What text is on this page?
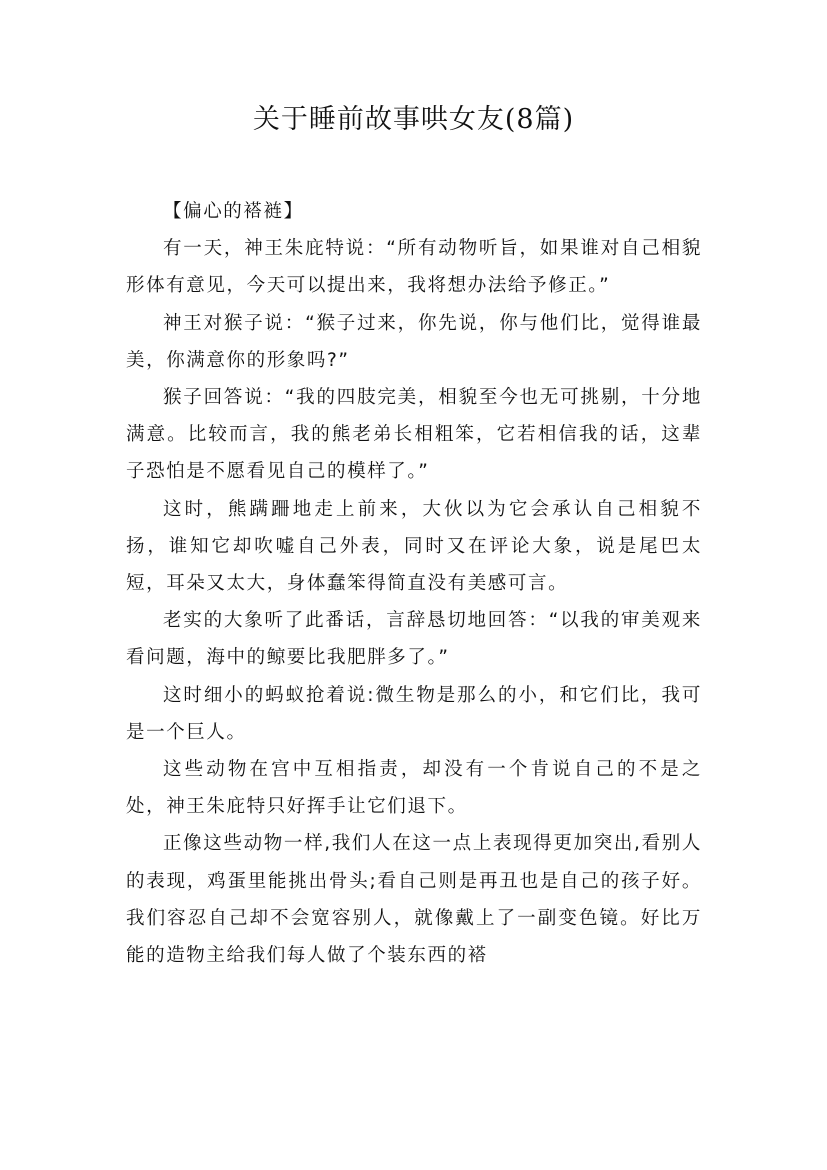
关于睡前故事哄女友(8篇)

【偏心的褡裢】

有一天，神王朱庇特说：“所有动物听旨，如果谁对自己相貌形体有意见，今天可以提出来，我将想办法给予修正。”

神王对猴子说：“猴子过来，你先说，你与他们比，觉得谁最美，你满意你的形象吗?”

猴子回答说：“我的四肢完美，相貌至今也无可挑剔，十分地满意。比较而言，我的熊老弟长相粗笨，它若相信我的话，这辈子恐怕是不愿看见自己的模样了。”

这时，熊蹒跚地走上前来，大伙以为它会承认自己相貌不扬，谁知它却吹嘘自己外表，同时又在评论大象，说是尾巴太短，耳朵又太大，身体蠢笨得简直没有美感可言。

老实的大象听了此番话，言辞恳切地回答：“以我的审美观来看问题，海中的鲸要比我肥胖多了。”

这时细小的蚂蚁抢着说:微生物是那么的小，和它们比，我可是一个巨人。

这些动物在宫中互相指责，却没有一个肯说自己的不是之处，神王朱庇特只好挥手让它们退下。

正像这些动物一样,我们人在这一点上表现得更加突出,看别人的表现，鸡蛋里能挑出骨头;看自己则是再丑也是自己的孩子好。我们容忍自己却不会宽容别人，就像戴上了一副变色镜。好比万能的造物主给我们每人做了个装东西的褡
